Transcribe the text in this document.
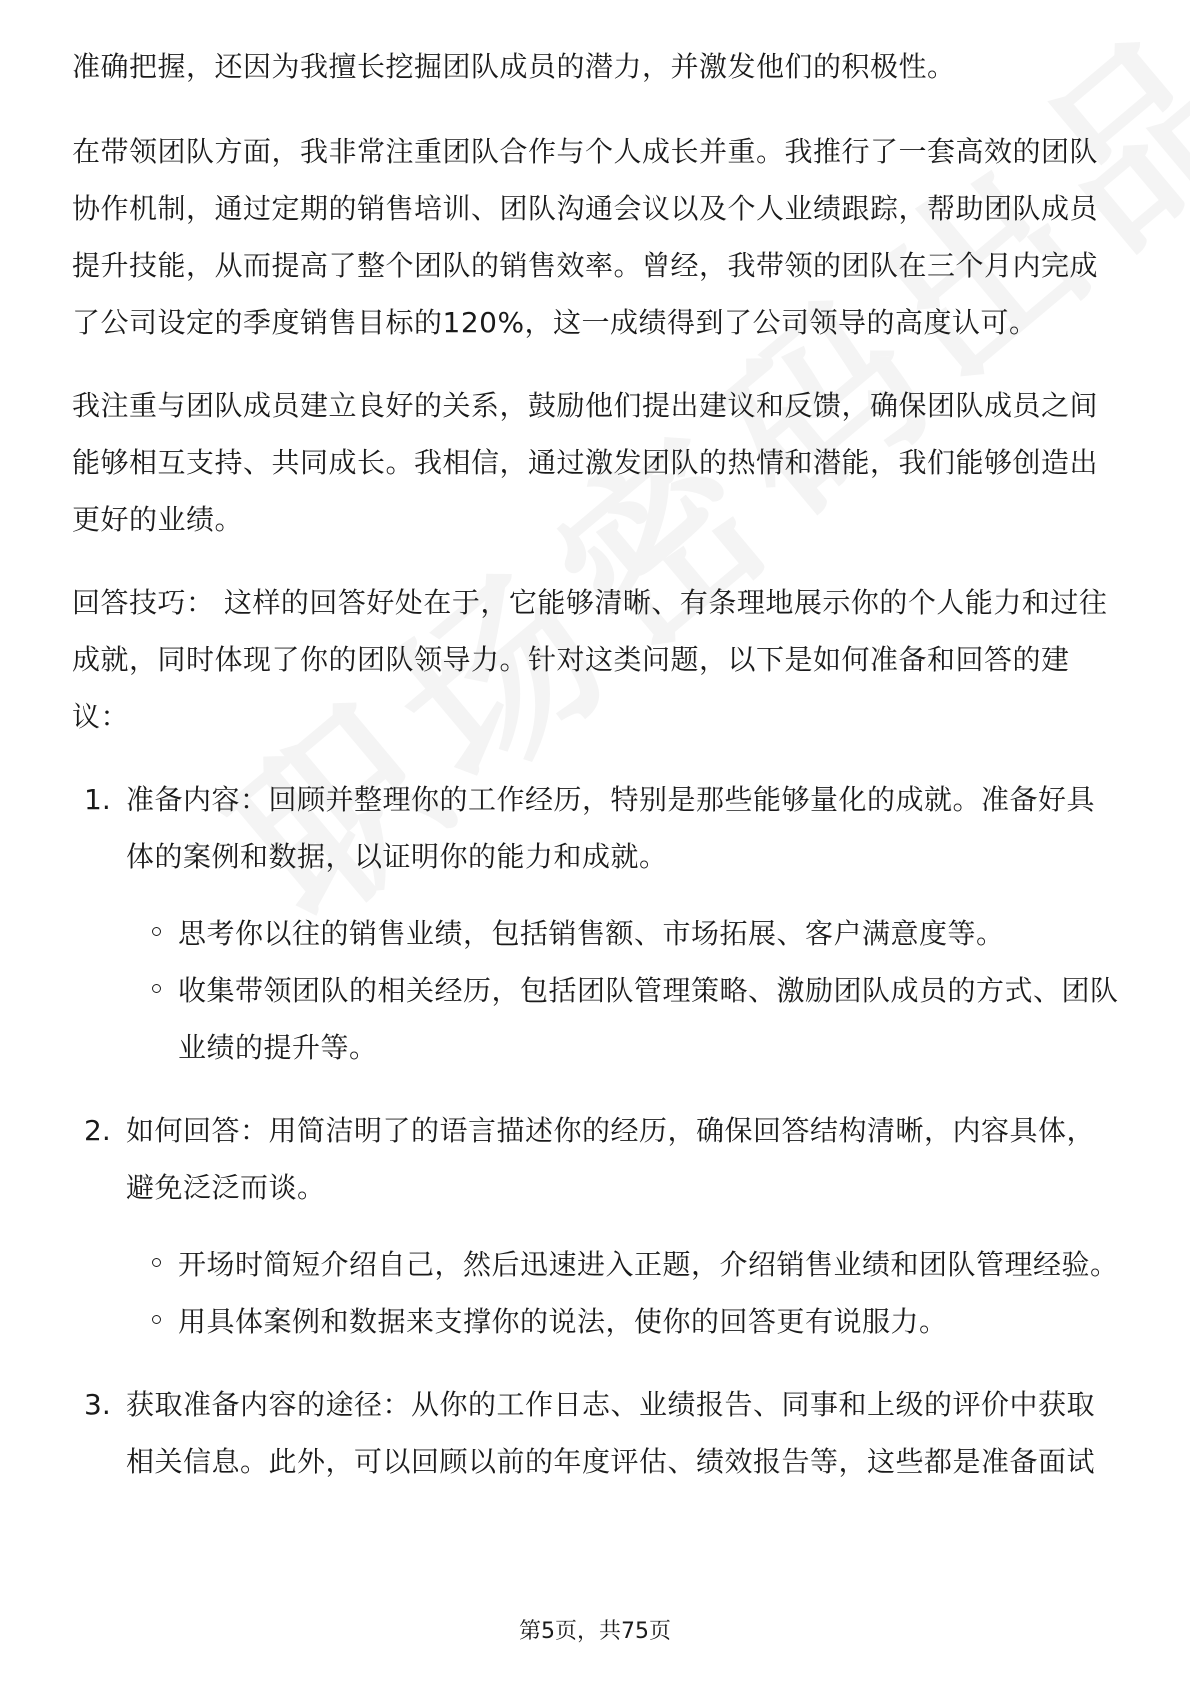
准确把握，还因为我擅长挖掘团队成员的潜力，并激发他们的积极性。

在带领团队方面，我非常注重团队合作与个人成长并重。我推行了一套高效的团队协作机制，通过定期的销售培训、团队沟通会议以及个人业绩跟踪，帮助团队成员提升技能，从而提高了整个团队的销售效率。曾经，我带领的团队在三个月内完成了公司设定的季度销售目标的120%，这一成绩得到了公司领导的高度认可。

我注重与团队成员建立良好的关系，鼓励他们提出建议和反馈，确保团队成员之间能够相互支持、共同成长。我相信，通过激发团队的热情和潜能，我们能够创造出更好的业绩。

回答技巧： 这样的回答好处在于，它能够清晰、有条理地展示你的个人能力和过往成就，同时体现了你的团队领导力。针对这类问题，以下是如何准备和回答的建议：

1. 准备内容：回顾并整理你的工作经历，特别是那些能够量化的成就。准备好具体的案例和数据，以证明你的能力和成就。
思考你以往的销售业绩，包括销售额、市场拓展、客户满意度等。
收集带领团队的相关经历，包括团队管理策略、激励团队成员的方式、团队业绩的提升等。
2. 如何回答：用简洁明了的语言描述你的经历，确保回答结构清晰，内容具体，避免泛泛而谈。
开场时简短介绍自己，然后迅速进入正题，介绍销售业绩和团队管理经验。
用具体案例和数据来支撑你的说法，使你的回答更有说服力。
3. 获取准备内容的途径：从你的工作日志、业绩报告、同事和上级的评价中获取相关信息。此外，可以回顾以前的年度评估、绩效报告等，这些都是准备面试
第5页，共75页
